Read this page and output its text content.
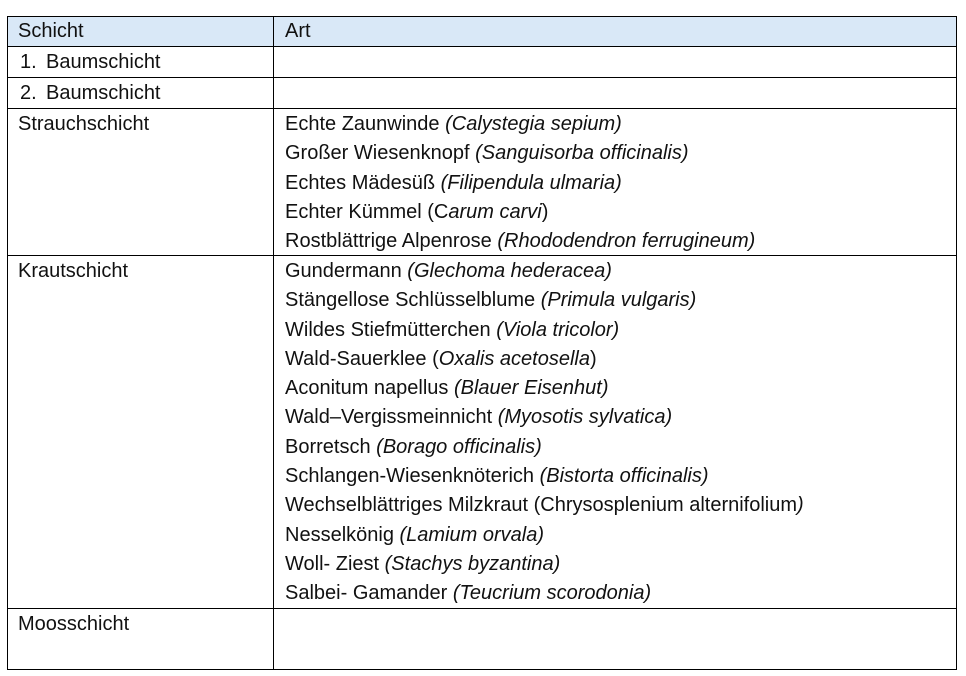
Schicht	Art
1. Baumschicht
2. Baumschicht
Strauchschicht	Echte Zaunwinde (Calystegia sepium)
Großer Wiesenknopf (Sanguisorba officinalis)
Echtes Mädesüß (Filipendula ulmaria)
Echter Kümmel (Carum carvi)
Rostblättrige Alpenrose (Rhododendron ferrugineum)
Krautschicht	Gundermann (Glechoma hederacea)
Stängellose Schlüsselblume (Primula vulgaris)
Wildes Stiefmütterchen (Viola tricolor)
Wald-Sauerklee (Oxalis acetosella)
Aconitum napellus (Blauer Eisenhut)
Wald–Vergissmeinnicht (Myosotis sylvatica)
Borretsch (Borago officinalis)
Schlangen-Wiesenknöterich (Bistorta officinalis)
Wechselblättriges Milzkraut (Chrysosplenium alternifolium)
Nesselkönig (Lamium orvala)
Woll- Ziest (Stachys byzantina)
Salbei- Gamander (Teucrium scorodonia)
Moosschicht
